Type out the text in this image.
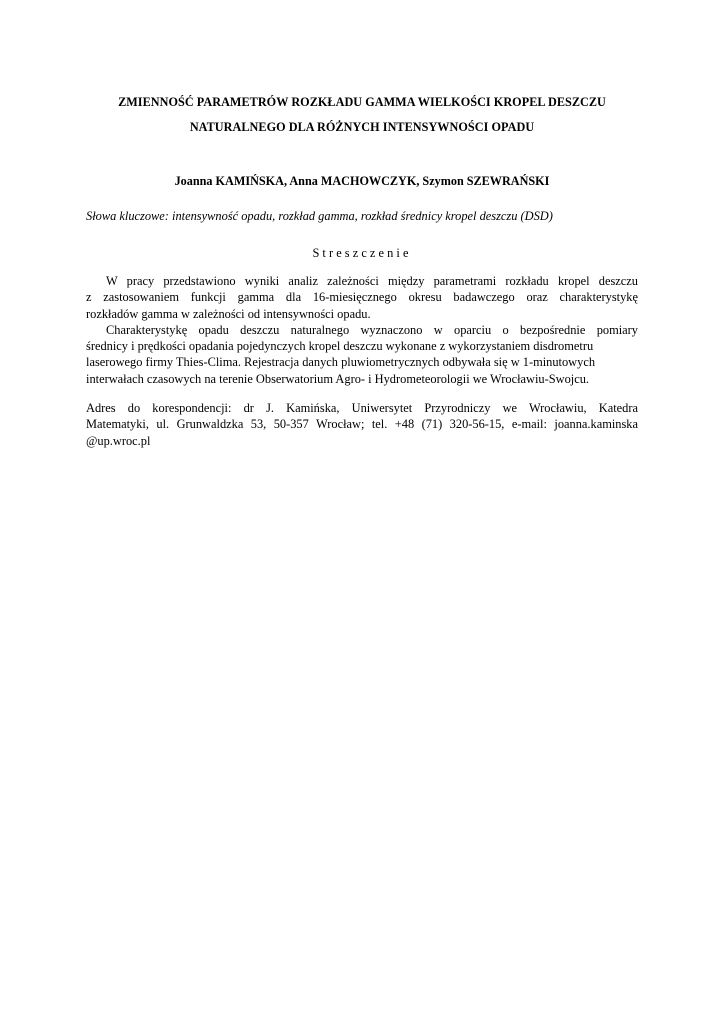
ZMIENNOŚĆ PARAMETRÓW ROZKŁADU GAMMA WIELKOŚCI KROPEL DESZCZU
NATURALNEGO DLA RÓŻNYCH INTENSYWNOŚCI OPADU
Joanna KAMIŃSKA, Anna MACHOWCZYK, Szymon SZEWRAŃSKI
Słowa kluczowe: intensywność opadu, rozkład gamma, rozkład średnicy kropel deszczu (DSD)
Streszczenie
W pracy przedstawiono wyniki analiz zależności między parametrami rozkładu kropel deszczu
z zastosowaniem funkcji gamma dla 16-miesięcznego okresu badawczego oraz charakterystykę
rozkładów gamma w zależności od intensywności opadu.
Charakterystykę opadu deszczu naturalnego wyznaczono w oparciu o bezpośrednie pomiary
średnicy i prędkości opadania pojedynczych kropel deszczu wykonane z wykorzystaniem disdrometru
laserowego firmy Thies-Clima. Rejestracja danych pluwiometrycznych odbywała się w 1-minutowych
interwałach czasowych na terenie Obserwatorium Agro- i Hydrometeorologii we Wrocławiu-Swojcu.
Adres do korespondencji: dr J. Kamińska, Uniwersytet Przyrodniczy we Wrocławiu, Katedra
Matematyki, ul. Grunwaldzka 53, 50-357 Wrocław; tel. +48 (71) 320-56-15, e-mail: joanna.kaminska
@up.wroc.pl
